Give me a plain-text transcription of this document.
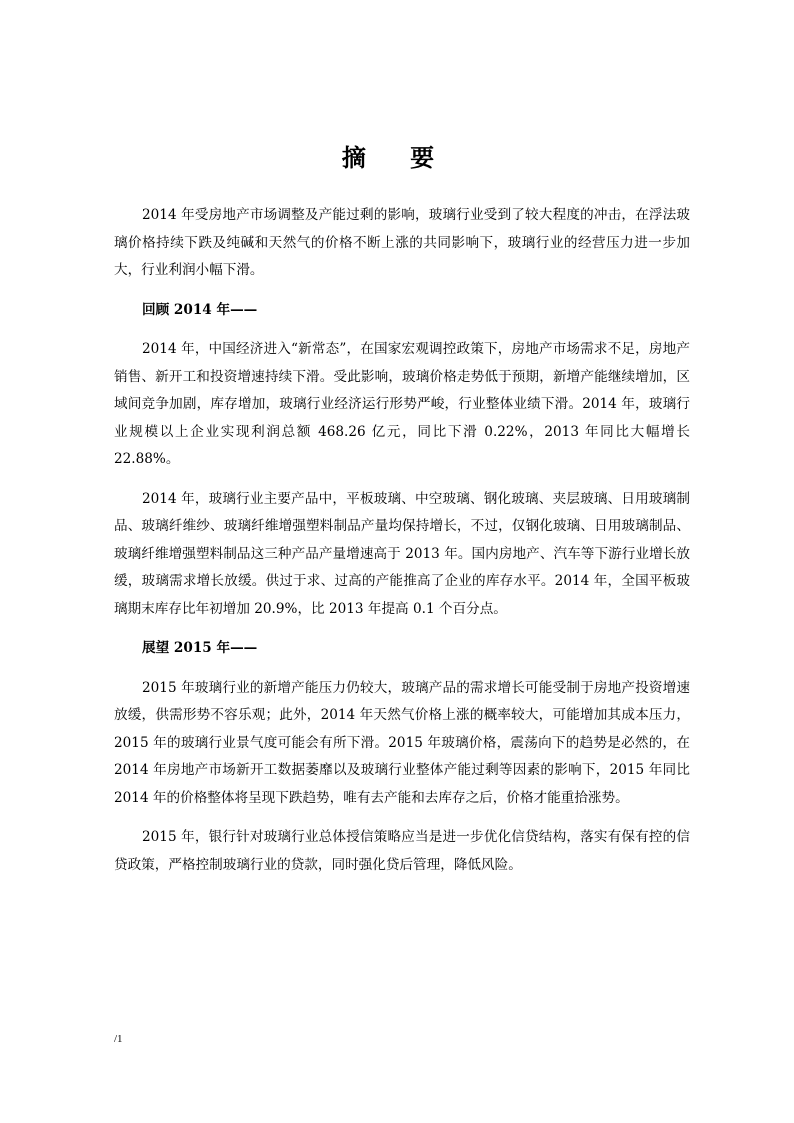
摘 要

2014 年受房地产市场调整及产能过剩的影响，玻璃行业受到了较大程度的冲击，在浮法玻璃价格持续下跌及纯碱和天然气的价格不断上涨的共同影响下，玻璃行业的经营压力进一步加大，行业利润小幅下滑。

回顾 2014 年——

2014 年，中国经济进入“新常态”，在国家宏观调控政策下，房地产市场需求不足，房地产销售、新开工和投资增速持续下滑。受此影响，玻璃价格走势低于预期，新增产能继续增加，区域间竞争加剧，库存增加，玻璃行业经济运行形势严峻，行业整体业绩下滑。2014 年，玻璃行业规模以上企业实现利润总额 468.26 亿元，同比下滑 0.22%，2013 年同比大幅增长 22.88%。

2014 年，玻璃行业主要产品中，平板玻璃、中空玻璃、钢化玻璃、夹层玻璃、日用玻璃制品、玻璃纤维纱、玻璃纤维增强塑料制品产量均保持增长，不过，仅钢化玻璃、日用玻璃制品、玻璃纤维增强塑料制品这三种产品产量增速高于 2013 年。国内房地产、汽车等下游行业增长放缓，玻璃需求增长放缓。供过于求、过高的产能推高了企业的库存水平。2014 年，全国平板玻璃期末库存比年初增加 20.9%，比 2013 年提高 0.1 个百分点。

展望 2015 年——

2015 年玻璃行业的新增产能压力仍较大，玻璃产品的需求增长可能受制于房地产投资增速放缓，供需形势不容乐观；此外，2014 年天然气价格上涨的概率较大，可能增加其成本压力，2015 年的玻璃行业景气度可能会有所下滑。2015 年玻璃价格，震荡向下的趋势是必然的，在 2014 年房地产市场新开工数据萎靡以及玻璃行业整体产能过剩等因素的影响下，2015 年同比 2014 年的价格整体将呈现下跌趋势，唯有去产能和去库存之后，价格才能重拾涨势。

2015 年，银行针对玻璃行业总体授信策略应当是进一步优化信贷结构，落实有保有控的信贷政策，严格控制玻璃行业的贷款，同时强化贷后管理，降低风险。

/1
